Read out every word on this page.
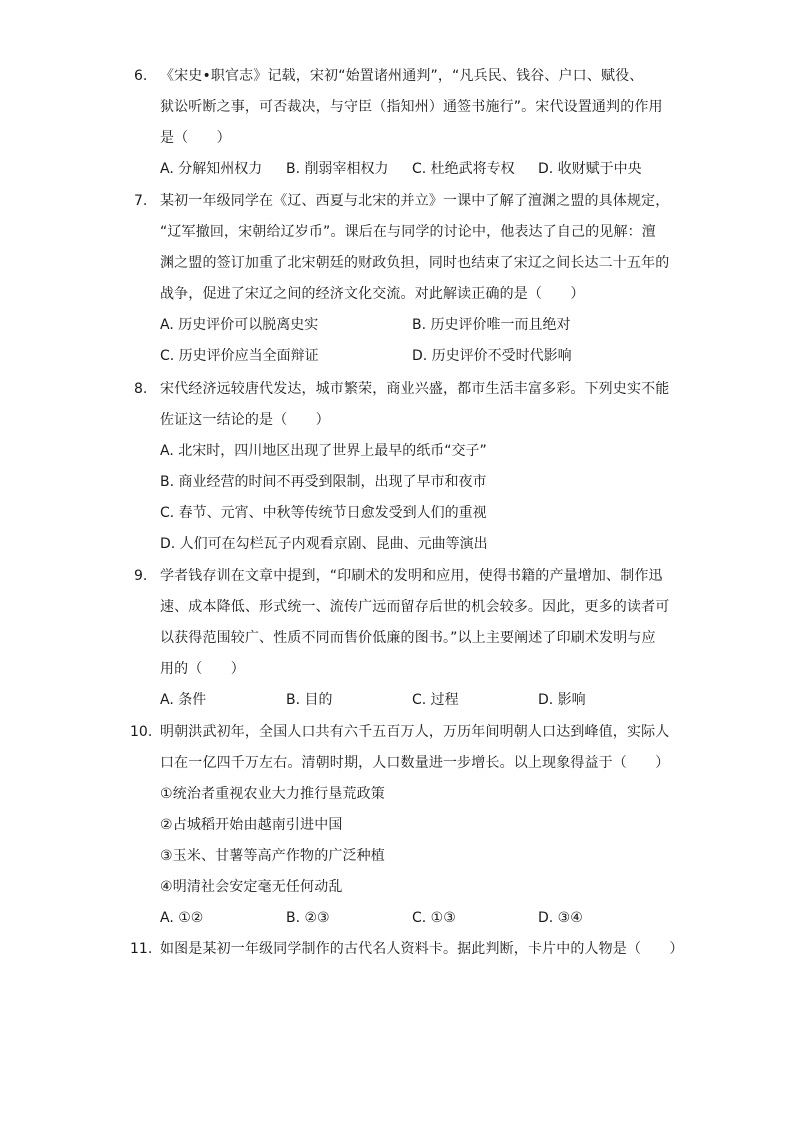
6. 《宋史•职官志》记载，宋初“始置诸州通判”，“凡兵民、钱谷、户口、赋役、
狱讼听断之事，可否裁决，与守臣（指知州）通签书施行”。宋代设置通判的作用
是（　　）
A. 分解知州权力 B. 削弱宰相权力 C. 杜绝武将专权 D. 收财赋于中央
7. 某初一年级同学在《辽、西夏与北宋的并立》一课中了解了澶渊之盟的具体规定，
“辽军撤回，宋朝给辽岁币”。课后在与同学的讨论中，他表达了自己的见解：澶
渊之盟的签订加重了北宋朝廷的财政负担，同时也结束了宋辽之间长达二十五年的
战争，促进了宋辽之间的经济文化交流。对此解读正确的是（　　）
A. 历史评价可以脱离史实	B. 历史评价唯一而且绝对
C. 历史评价应当全面辩证	D. 历史评价不受时代影响
8. 宋代经济远较唐代发达，城市繁荣，商业兴盛，都市生活丰富多彩。下列史实不能
佐证这一结论的是（　　）
A. 北宋时，四川地区出现了世界上最早的纸币“交子”
B. 商业经营的时间不再受到限制，出现了早市和夜市
C. 春节、元宵、中秋等传统节日愈发受到人们的重视
D. 人们可在勾栏瓦子内观看京剧、昆曲、元曲等演出
9. 学者钱存训在文章中提到，“印刷术的发明和应用，使得书籍的产量增加、制作迅
速、成本降低、形式统一、流传广远而留存后世的机会较多。因此，更多的读者可
以获得范围较广、性质不同而售价低廉的图书。”以上主要阐述了印刷术发明与应
用的（　　）
A. 条件	B. 目的	C. 过程	D. 影响
10. 明朝洪武初年，全国人口共有六千五百万人，万历年间明朝人口达到峰值，实际人
口在一亿四千万左右。清朝时期，人口数量进一步增长。以上现象得益于（　　）
①统治者重视农业大力推行垦荒政策
②占城稻开始由越南引进中国
③玉米、甘薯等高产作物的广泛种植
④明清社会安定毫无任何动乱
A. ①②	B. ②③	C. ①③	D. ③④
11. 如图是某初一年级同学制作的古代名人资料卡。据此判断，卡片中的人物是（　　）
